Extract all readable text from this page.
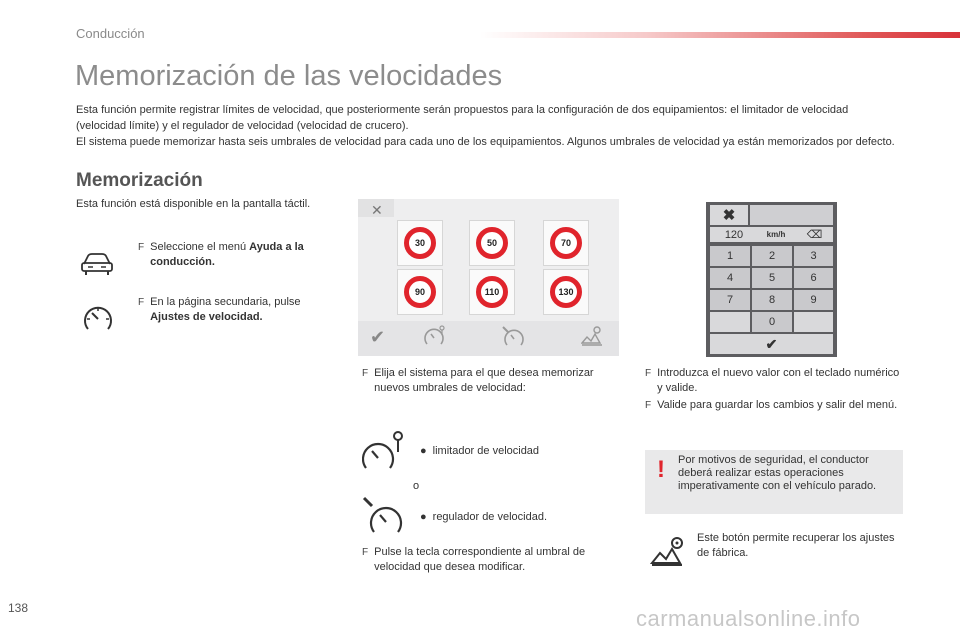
Conducción
Memorización de las velocidades

Esta función permite registrar límites de velocidad, que posteriormente serán propuestos para la configuración de dos equipamientos: el limitador de velocidad (velocidad límite) y el regulador de velocidad (velocidad de crucero).

El sistema puede memorizar hasta seis umbrales de velocidad para cada uno de los equipamientos. Algunos umbrales de velocidad ya están memorizados por defecto.

Memorización
Esta función está disponible en la pantalla táctil.
F Seleccione el menú Ayuda a la conducción.
F En la página secundaria, pulse Ajustes de velocidad.
✕
30	50	70
90	110	130
✔
F Elija el sistema para el que desea memorizar nuevos umbrales de velocidad:
● limitador de velocidad
o
● regulador de velocidad.
F Pulse la tecla correspondiente al umbral de velocidad que desea modificar.
✖
120	km/h	⌫
1	2	3
4	5	6
7	8	9
0
✔
F Introduzca el nuevo valor con el teclado numérico y valide.
F Valide para guardar los cambios y salir del menú.
! Por motivos de seguridad, el conductor deberá realizar estas operaciones imperativamente con el vehículo parado.
Este botón permite recuperar los ajustes de fábrica.
138	carmanualsonline.info
